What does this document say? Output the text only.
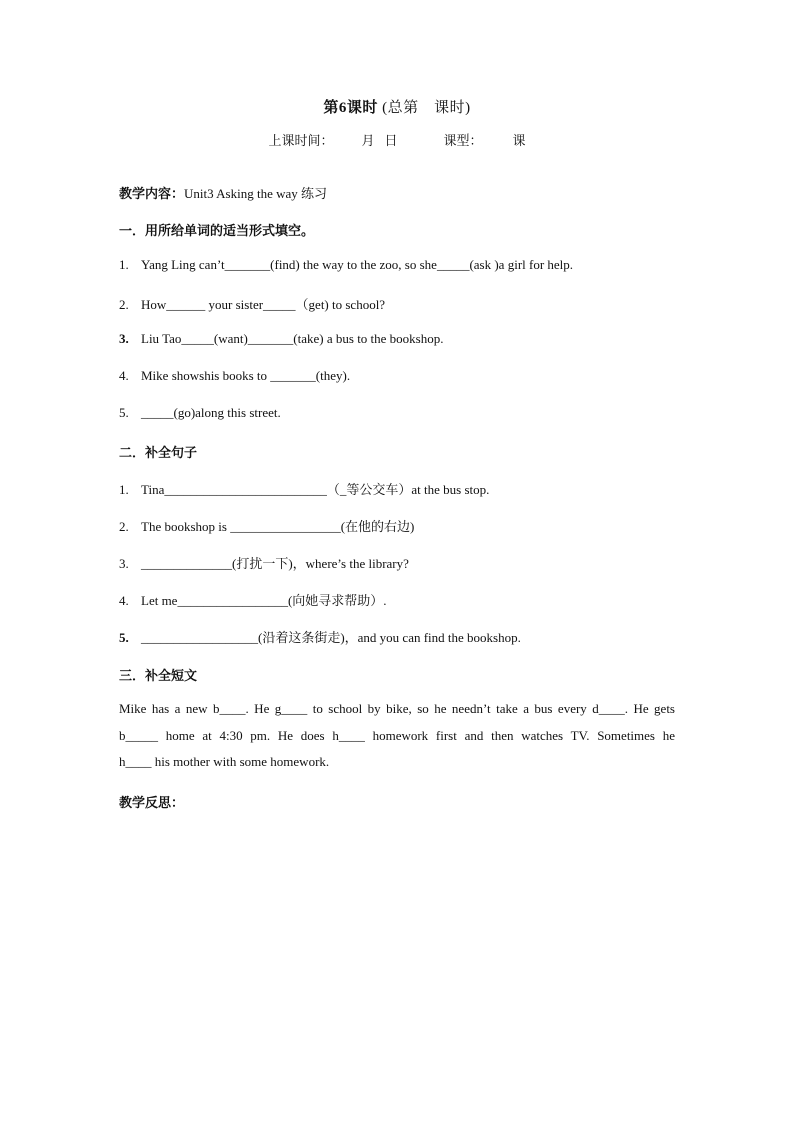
第6课时 (总第　课时)
上课时间： 月 日	课型： 课
教学内容：Unit3 Asking the way 练习
一．用所给单词的适当形式填空。
1. Yang Ling can’t_______(find) the way to the zoo, so she_____(ask )a girl for help.
2. How______ your sister_____（get) to school?
3. Liu Tao_____(want)_______(take) a bus to the bookshop.
4. Mike showshis books to _______(they).
5. _____(go)along this street.
二．补全句子
1. Tina_________________________（_等公交车）at the bus stop.
2. The bookshop is _________________(在他的右边)
3. ______________(打扰一下)，where’s the library?
4. Let me_________________(向她寻求帮助）.
5. __________________(沿着这条街走)，and you can find the bookshop.
三．补全短文
Mike has a new b____. He g____ to school by bike, so he needn’t take a bus every d____. He gets
b_____ home at 4:30 pm. He does h____ homework first and then watches TV. Sometimes he
h____ his mother with some homework.
教学反思：
